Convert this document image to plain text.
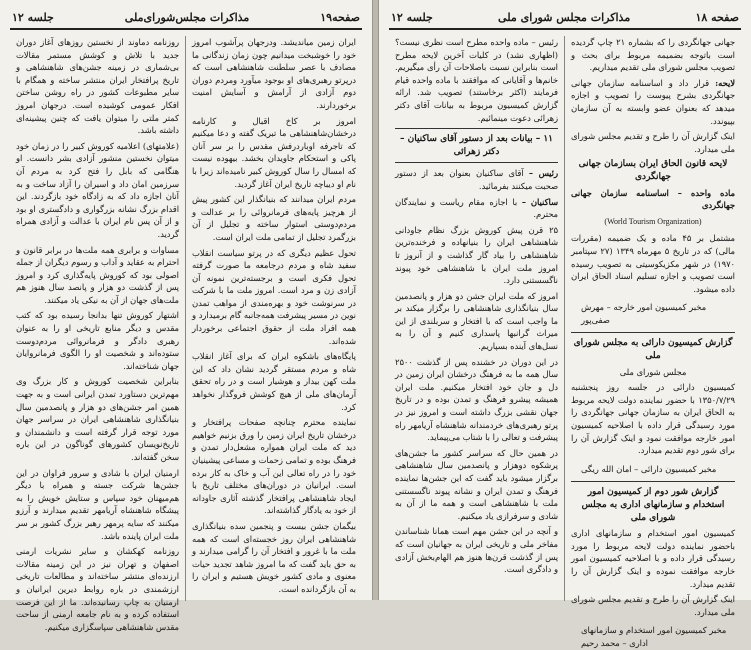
صفحه۱۹
مذاکرات مجلس‌شورای‌ملی
جلسه ۱۲

ایران زمین میاندیشد. ودرجهان پرآشوب امروز خود را خوشبخت میدانیم چون زمان زندگانی ما مصادف با عصر سلطنت شاهنشاهی است که درپرتو رهبری‌های او بوجود میآورد ومردم دوران دوم آزادی از آرامش و آسایش امنیت برخوردارند.

امروز بر کاخ اقبال و کارنامه درخشان‌شاهنشاهی ما تبریک گفته و دعا میکنیم که تاجرفه اوباردرفش مقدس را بر سر آنان پاکی و استحکام جاویدان بخشد. بیهوده نیست که امسال را سال کوروش کبیر نامیده‌اند زیرا با نام او دیباچه تاریخ ایران آغاز گردید.

مردم ایران میدانند که بنیانگذار این کشور پیش از هرچیز پایه‌های فرمانروائی را بر عدالت و مردم‌دوستی استوار ساخته و تجلیل از آن بزرگمرد تجلیل از تمامی ملت ایران است.

تحول عظیم دیگری که در پرتو سیاست انقلاب سفید شاه و مردم درجامعه ما صورت گرفته تحول فکری است و برجسته‌ترین نمونه آن آزادی زن و مرد است. امروز ملت ما با شرکت در سرنوشت خود و بهره‌مندی از مواهب تمدن نوین در مسیر پیشرفت همه‌جانبه گام برمیدارد و همه افراد ملت از حقوق اجتماعی برخوردار شده‌اند.

پایگاه‌های باشکوه ایران که برای آغاز انقلاب شاه و مردم مستقر گردید نشان داد که این ملت کهن بیدار و هوشیار است و در راه تحقق آرمان‌های ملی از هیچ کوشش فروگذار نخواهد کرد.

نماینده محترم چنانچه صفحات پرافتخار و درخشان تاریخ ایران زمین را ورق بزنیم خواهیم دید که ملت ایران همواره مشعل‌دار تمدن و فرهنگ بوده و تمامی زحمات و مساعی پیشینیان خود را در راه تعالی این آب و خاک به کار برده است. ایرانیان در دوران‌های مختلف تاریخ با ایجاد شاهنشاهی پرافتخار گذشته آثاری جاودانه از خود به یادگار گذاشته‌اند.

بیگمان جشن بیست و پنجمین سده بنیانگذاری شاهنشاهی ایران روز خجسته‌ای است که همه ملت ما با غرور و افتخار آن را گرامی میدارند و به حق باید گفت که ما امروز شاهد تجدید حیات معنوی و مادی کشور خویش هستیم و ایران را به آن بازگردانده است.

روزنامه دماوند از نخستین روزهای آغاز دوران جدید با تلاش و کوشش مستمر مقالات بی‌شماری در زمینه جشن‌های شاهنشاهی و تاریخ پرافتخار ایران منتشر ساخته و همگام با سایر مطبوعات کشور در راه روشن ساختن افکار عمومی کوشیده است. درجهان امروز کمتر ملتی را میتوان یافت که چنین پیشینه‌ای داشته باشد.

(علامتهای) اعلامیه کوروش کبیر را در زمان خود میتوان نخستین منشور آزادی بشر دانست. او هنگامی که بابل را فتح کرد به مردم آن سرزمین امان داد و اسیران را آزاد ساخت و به آنان اجازه داد که به زادگاه خود بازگردند. این اقدام بزرگ نشانه بزرگواری و دادگستری او بود و از آن پس نام ایران با عدالت و آزادی همراه گردید.

مساوات و برابری همه ملت‌ها در برابر قانون و احترام به عقاید و آداب و رسوم دیگران از جمله اصولی بود که کوروش پایه‌گذاری کرد و امروز پس از گذشت دو هزار و پانصد سال هنوز هم ملت‌های جهان از آن به نیکی یاد میکنند.

اشتهار کوروش تنها بدانجا رسیده بود که کتب مقدس و دیگر منابع تاریخی او را به عنوان رهبری دادگر و فرمانروائی مردم‌دوست ستوده‌اند و شخصیت او را الگوی فرمانروایان جهان شناخته‌اند.

بنابراین شخصیت کوروش و کار بزرگ وی مهم‌ترین دستاورد تمدن ایرانی است و به جهت همین امر جشن‌های دو هزار و پانصدمین سال بنیانگذاری شاهنشاهی ایران در سراسر جهان مورد توجه قرار گرفته است و دانشمندان و تاریخ‌نویسان کشورهای گوناگون در این باره سخن گفته‌اند.

ارمنیان ایران با شادی و سرور فراوان در این جشن‌ها شرکت جسته و همراه با دیگر هم‌میهنان خود سپاس و ستایش خویش را به پیشگاه شاهنشاه آریامهر تقدیم میدارند و آرزو میکنند که سایه پرمهر رهبر بزرگ کشور بر سر ملت ایران پاینده باشد.

روزنامه کهکشان و سایر نشریات ارمنی اصفهان و تهران نیز در این زمینه مقالات ارزنده‌ای منتشر ساخته‌اند و مطالعات تاریخی ارزشمندی در باره روابط دیرین ایرانیان و ارمنیان به چاپ رسانیده‌اند. ما از این فرصت استفاده کرده و به نام جامعه ارمنی از ساحت مقدس شاهنشاهی سپاسگزاری میکنیم.

صفحه ۱۸
مذاکرات مجلس شورای ملی
جلسه ۱۲

جهانی جهانگردی را که بشماره ۲۱ چاپ گردیده است باتوجه بضمیمه مربوط برای بحث و تصویب مجلس شورای ملی تقدیم میداریم.

لایحه: قرار داد و اساسنامه سازمان جهانی جهانگردی بشرح پیوست را تصویب و اجازه میدهد که بعنوان عضو وابسته به آن سازمان بپیوندد.

اینک گزارش آن را طرح و تقدیم مجلس شورای ملی میدارد.

لایحه قانون الحاق ایران بسازمان جهانی جهانگردی

ماده واحده – اساسنامه سازمان جهانی جهانگردی

(World Tourism Organization)

مشتمل بر ۴۵ ماده و یک ضمیمه (مقررات مالی) که در تاریخ ۵ مهرماه ۱۳۴۹ (۲۷ سپتامبر ۱۹۷۰) در شهر مکزیکوسیتی به تصویب رسیده است تصویب و اجازه تسلیم اسناد الحاق ایران داده میشود.

مخبر کمیسیون امور خارجه – مهرش صفی‌پور

گزارش کمیسیون دارائی به مجلس شورای ملی

مجلس شورای ملی

کمیسیون دارائی در جلسه روز پنجشنبه ۱۳۵۰/۷/۲۹ با حضور نماینده دولت لایحه مربوط به الحاق ایران به سازمان جهانی جهانگردی را مورد رسیدگی قرار داده با اصلاحیه کمیسیون امور خارجه موافقت نمود و اینک گزارش آن را برای شور دوم تقدیم میدارد.

مخبر کمیسیون دارائی – امان الله ریگی

گزارش شور دوم از کمیسیون امور استخدام و سازمانهای اداری به مجلس شورای ملی

کمیسیون امور استخدام و سازمانهای اداری باحضور نماینده دولت لایحه مربوط را مورد رسیدگی قرار داده و با اصلاحیه کمیسیون امور خارجه موافقت نموده و اینک گزارش آن را تقدیم میدارد.

اینک گزارش آن را طرح و تقدیم مجلس شورای ملی میدارد.

مخبر کمیسیون امور استخدام و سازمانهای اداری – محمد رحیم

رئیس – ماده واحده مطرح است نظری نیست؟ (اظهاری نشد) در کلیات آخرین لایحه مطرح است بنابراین نسبت باصلاحات آن رأی میگیریم. خانم‌ها و آقایانی که موافقند با ماده واحده قیام فرمایند (اکثر برخاستند) تصویب شد. ارائه گزارش کمیسیون مربوط به بیانات آقای دکتر زهرائی دعوت مینمائیم.

۱۱ – بیانات بعد از دستور آقای ساکنیان – دکتر زهرائی

رئیس – آقای ساکنیان بعنوان بعد از دستور صحبت میکنند بفرمائید.

ساکنیان – با اجازه مقام ریاست و نمایندگان محترم.

۲۵ قرن پیش کوروش بزرگ نظام جاودانی شاهنشاهی ایران را بنیانهاده و فرخنده‌ترین شاهنشاهی را بیاد گار گذاشت و از آنروز تا امروز ملت ایران با شاهنشاهی خود پیوند ناگسستنی دارد.

امروز که ملت ایران جشن دو هزار و پانصدمین سال بنیانگذاری شاهنشاهی را برگزار میکند بر ما واجب است که با افتخار و سربلندی از این میراث گرانبها پاسداری کنیم و آن را به نسل‌های آینده بسپاریم.

در این دوران در خشنده پس از گذشت ۲۵۰۰ سال همه ما به فرهنگ درخشان ایران زمین در دل و جان خود افتخار میکنیم. ملت ایران همیشه پیشرو فرهنگ و تمدن بوده و در تاریخ جهان نقشی بزرگ داشته است و امروز نیز در پرتو رهبری‌های خردمندانه شاهنشاه آریامهر راه پیشرفت و تعالی را با شتاب می‌پیماید.

در همین حال که سراسر کشور ما جشن‌های پرشکوه دوهزار و پانصدمین سال شاهنشاهی برگزار میشود باید گفت که این جشن‌ها نماینده فرهنگ و تمدن ایران و نشانه پیوند ناگسستنی ملت با شاهنشاهی است و همه ما از آن به شادی و سرفرازی یاد میکنیم.

و آنچه در این جشن مهم است همانا شناساندن مفاخر ملی و تاریخی ایران به جهانیان است که پس از گذشت قرن‌ها هنوز هم الهام‌بخش آزادی و دادگری است.
